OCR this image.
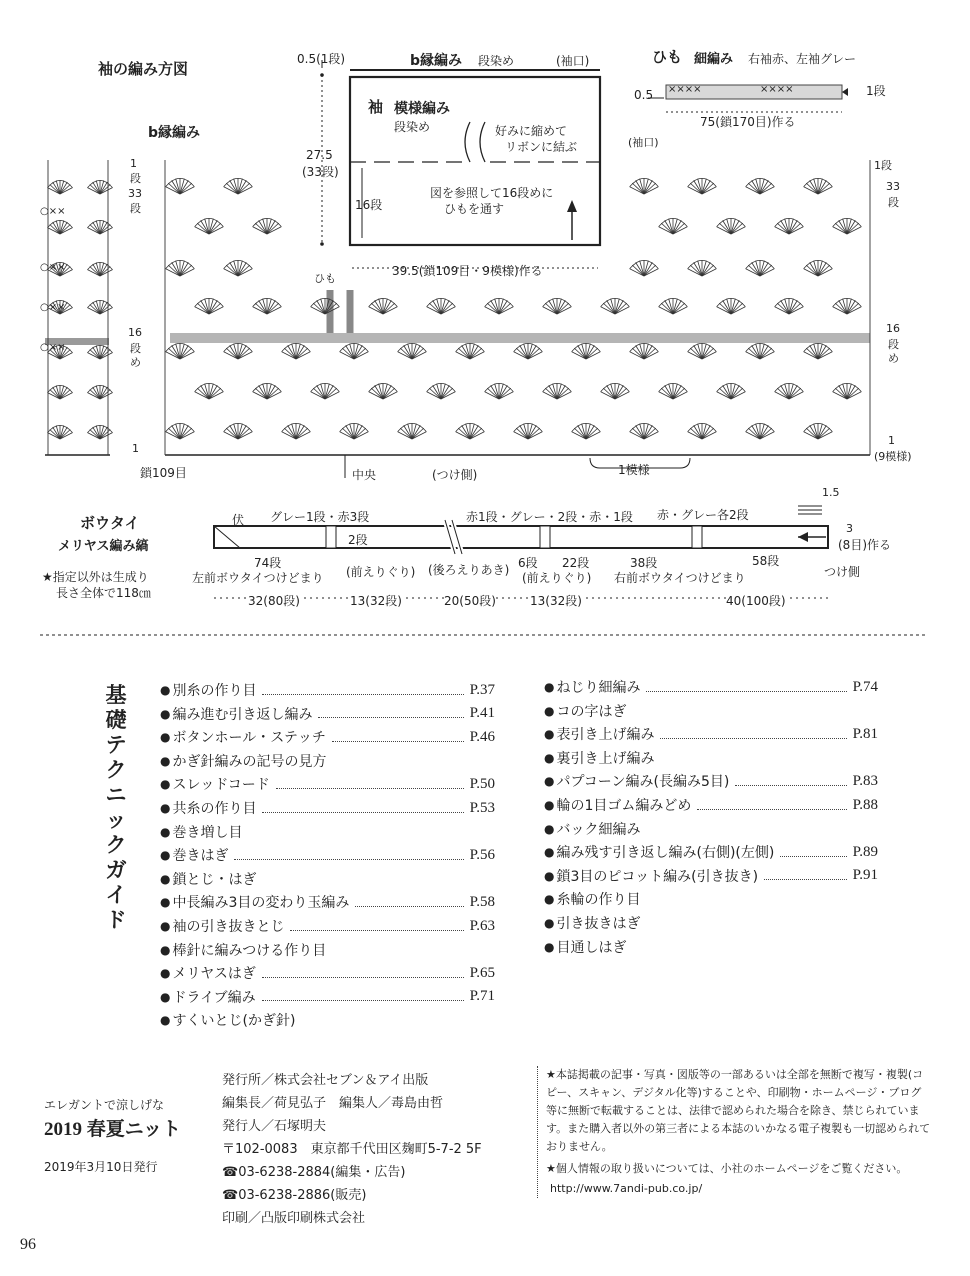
袖の編み方図
b縁編み
0.5(1段)	b縁編み 段染め	(袖口)
袖 模様編み
段染め	好みに縮めて
リボンに結ぶ
図を参照して16段めに
ひもを通す
16段
27.5
(33段)
39.5(鎖109目・9模様)作る
ひも 細編み 右袖赤、左袖グレー
0.5 ××××	××××	1段
75(鎖170目)作る
(袖口)
1
段
33
段
16
段
め
○××
○××
○××
○××
1
鎖109目	中央	(つけ側)	1模様
ひも
1段
33
段
16
段
め
1
(9模様)
ボウタイ
メリヤス編み縞
★指定以外は生成り
長さ全体で118㎝
伏 グレー1段・赤3段	赤1段・グレー・2段・赤・1段 赤・グレー各2段
1.5
3
(8目)作る
2段
74段
左前ボウタイつけどまり (前えりぐり) (後ろえりあき) 6段 22段
(前えりぐり)
38段
右前ボウタイつけどまり
58段
つけ側
32(80段)	13(32段)	20(50段)	13(32段)	40(100段)
基礎テクニックガイド
● 別糸の作り目	P.37
● 編み進む引き返し編み	P.41
● ボタンホール・ステッチ	P.46
● かぎ針編みの記号の見方
● スレッドコード	P.50
● 共糸の作り目	P.53
● 巻き増し目
● 巻きはぎ	P.56
● 鎖とじ・はぎ
● 中長編み3目の変わり玉編み	P.58
● 袖の引き抜きとじ	P.63
● 棒針に編みつける作り目
● メリヤスはぎ	P.65
● ドライブ編み	P.71
● すくいとじ(かぎ針)
● ねじり細編み	P.74
● コの字はぎ
● 表引き上げ編み	P.81
● 裏引き上げ編み
● パプコーン編み(長編み5目)	P.83
● 輪の1目ゴム編みどめ	P.88
● バック細編み
● 編み残す引き返し編み(右側)(左側)	P.89
● 鎖3目のピコット編み(引き抜き)	P.91
● 糸輪の作り目
● 引き抜きはぎ
● 目通しはぎ
エレガントで涼しげな
2019 春夏ニット
2019年3月10日発行
発行所／株式会社セブン＆アイ出版
編集長／荷見弘子　編集人／毒島由哲
発行人／石塚明夫
〒102-0083　東京都千代田区麹町5-7-2 5F
☎03-6238-2884(編集・広告)
☎03-6238-2886(販売)
印刷／凸版印刷株式会社
★本誌掲載の記事・写真・図版等の一部あるいは全部を無断で複写・複製(コピー、スキャン、デジタル化等)することや、印刷物・ホームページ・ブログ等に無断で転載することは、法律で認められた場合を除き、禁じられています。また購入者以外の第三者による本誌のいかなる電子複製も一切認められておりません。
★個人情報の取り扱いについては、小社のホームページをご覧ください。
http://www.7andi-pub.co.jp/
96
